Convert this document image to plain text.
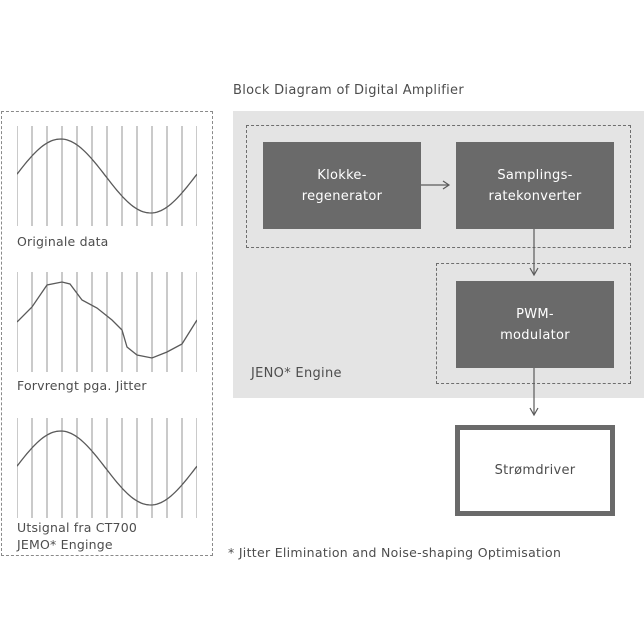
Block Diagram of Digital Amplifier
Originale data
Forvrengt pga. Jitter
Utsignal fra CT700
JEMO* Enginge
Klokke-
regenerator
Samplings-
ratekonverter
PWM-
modulator
JENO* Engine
Strømdriver
* Jitter Elimination and Noise-shaping Optimisation
